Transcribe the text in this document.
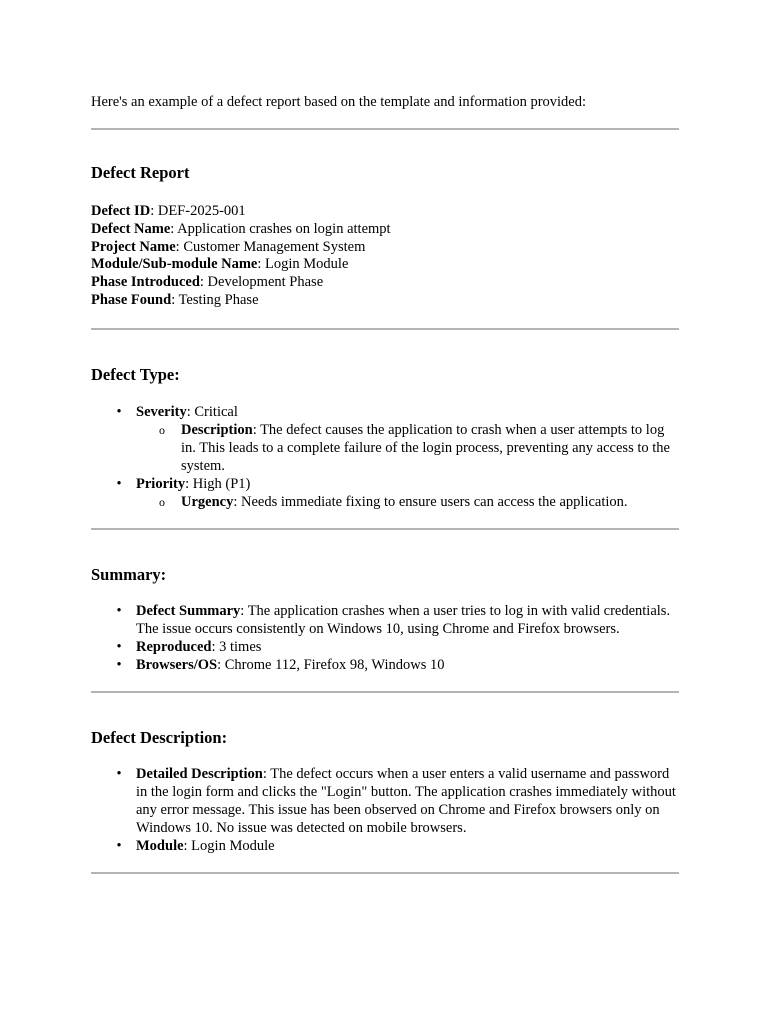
Here's an example of a defect report based on the template and information provided:

Defect Report

Defect ID: DEF-2025-001

Defect Name: Application crashes on login attempt

Project Name: Customer Management System

Module/Sub-module Name: Login Module

Phase Introduced: Development Phase

Phase Found: Testing Phase

Defect Type:
• Severity: Critical
o Description: The defect causes the application to crash when a user attempts to log in. This leads to a complete failure of the login process, preventing any access to the system.
• Priority: High (P1)
o Urgency: Needs immediate fixing to ensure users can access the application.
Summary:
• Defect Summary: The application crashes when a user tries to log in with valid credentials. The issue occurs consistently on Windows 10, using Chrome and Firefox browsers.
• Reproduced: 3 times
• Browsers/OS: Chrome 112, Firefox 98, Windows 10
Defect Description:
• Detailed Description: The defect occurs when a user enters a valid username and password in the login form and clicks the "Login" button. The application crashes immediately without any error message. This issue has been observed on Chrome and Firefox browsers only on Windows 10. No issue was detected on mobile browsers.
• Module: Login Module
